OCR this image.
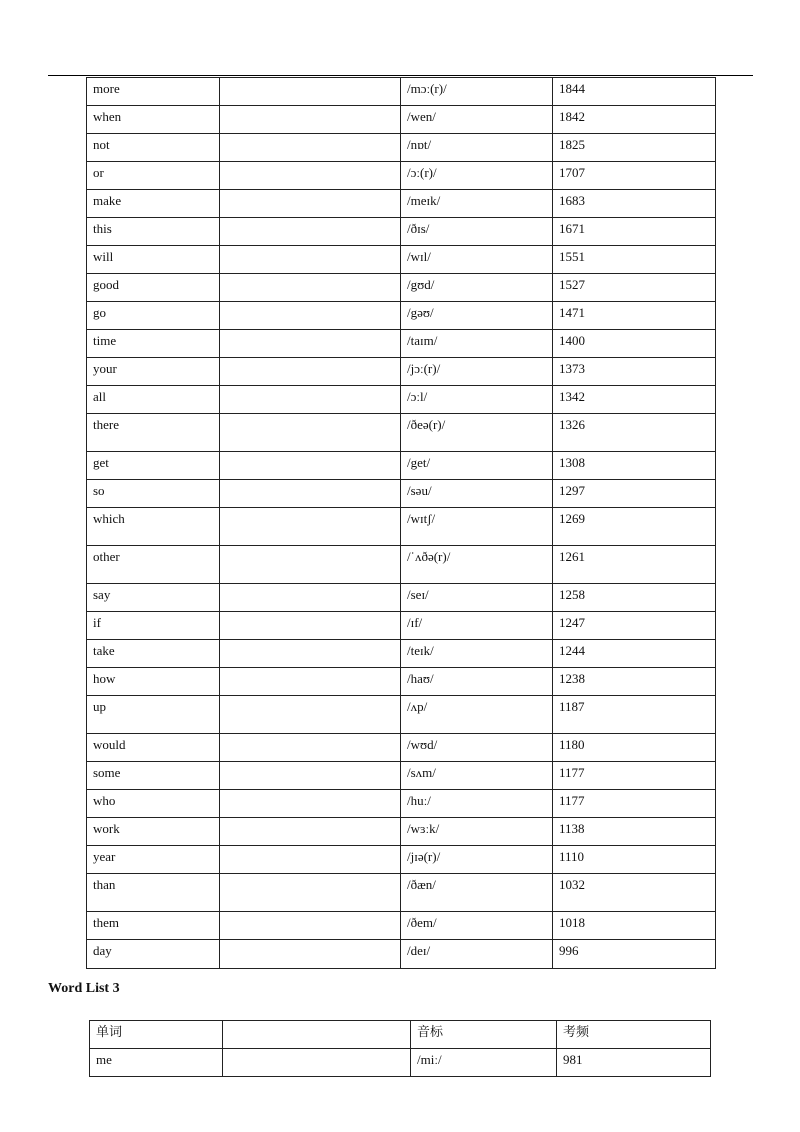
more		/mɔː(r)/	1844
when		/wen/	1842
not		/nɒt/	1825
or		/ɔː(r)/	1707
make		/meɪk/	1683
this		/ðɪs/	1671
will		/wɪl/	1551
good		/gʊd/	1527
go		/gəʊ/	1471
time		/taɪm/	1400
your		/jɔː(r)/	1373
all		/ɔːl/	1342
there		/ðeə(r)/	1326
get		/get/	1308
so		/səu/	1297
which		/wɪtʃ/	1269
other		/ˈʌðə(r)/	1261
say		/seɪ/	1258
if		/ɪf/	1247
take		/teɪk/	1244
how		/haʊ/	1238
up		/ʌp/	1187
would		/wʊd/	1180
some		/sʌm/	1177
who		/huː/	1177
work		/wɜːk/	1138
year		/jɪə(r)/	1110
than		/ðæn/	1032
them		/ðem/	1018
day		/deɪ/	996
Word List 3
单词		音标	考频
me		/miː/	981
